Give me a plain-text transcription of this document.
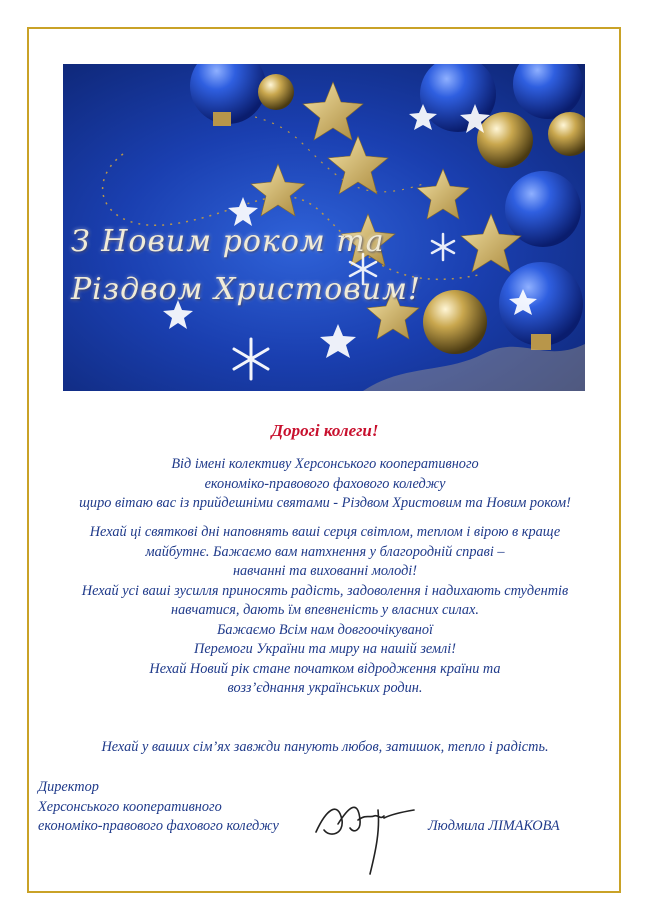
З Новим роком та
Різдвом Христовим!
Дорогі колеги!
Від імені колективу Херсонського кооперативного
економіко-правового фахового коледжу
щиро вітаю вас із прийдешніми святами - Різдвом Христовим та Новим роком!
Нехай ці святкові дні наповнять ваші серця світлом, теплом і вірою в краще
майбутнє. Бажаємо вам натхнення у благородній справі –
навчанні та вихованні молоді!
Нехай усі ваші зусилля приносять радість, задоволення і надихають студентів
навчатися, дають їм впевненість у власних силах.
Бажаємо Всім нам довгоочікуваної
Перемоги України та миру на нашій землі!
Нехай Новий рік стане початком відродження країни та
возз’єднання українських родин.
Нехай у ваших сім’ях завжди панують любов, затишок, тепло і радість.
Директор
Херсонського кооперативного
економіко-правового фахового коледжу	Людмила ЛІМАКОВА
